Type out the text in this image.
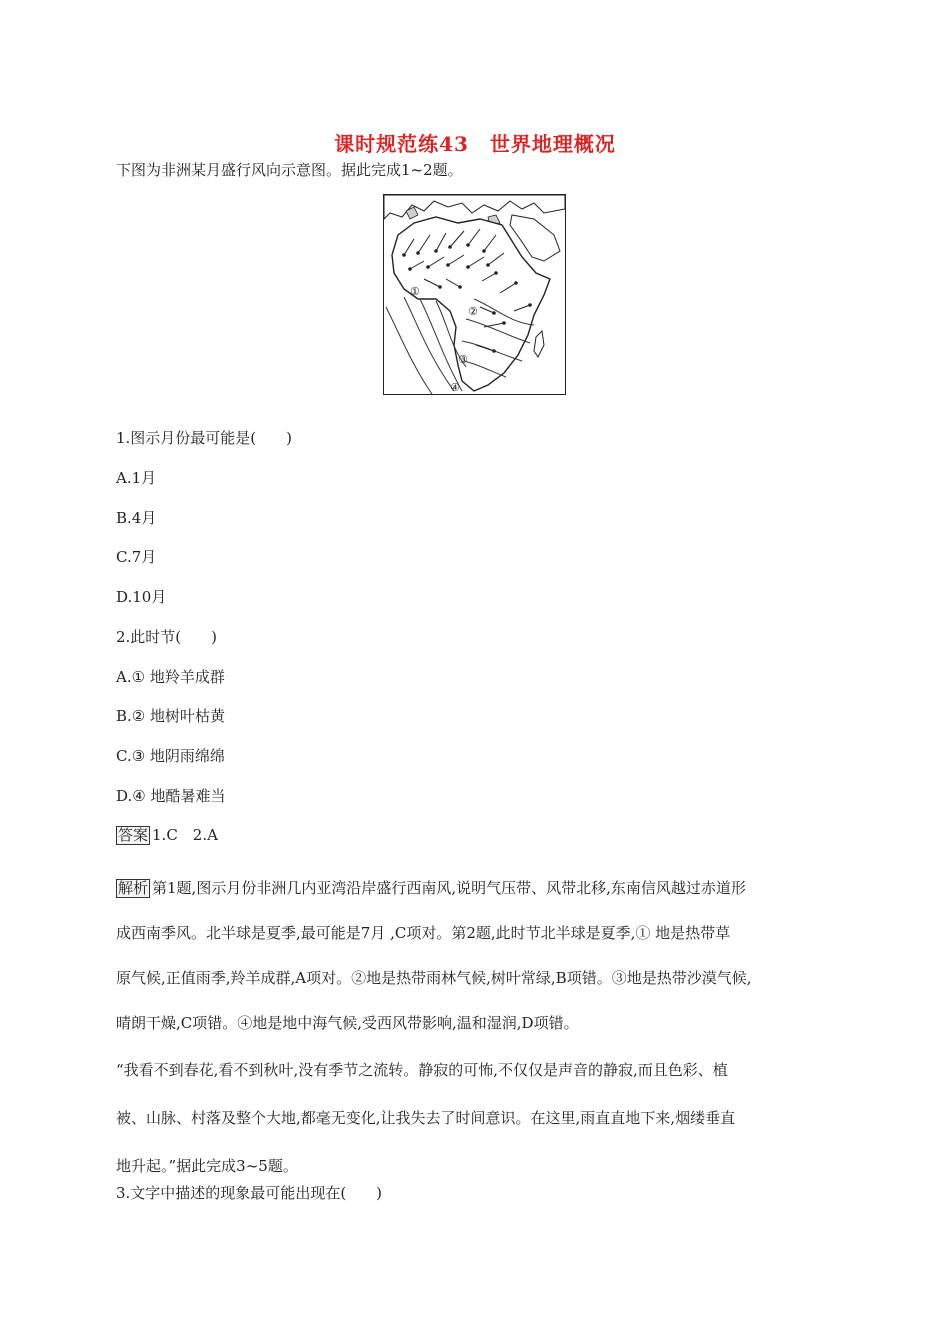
课时规范练43　世界地理概况
下图为非洲某月盛行风向示意图。据此完成1~2题。
①
②
③
④
1.图示月份最可能是(　　)
A.1月
B.4月
C.7月
D.10月
2.此时节(　　)
A.① 地羚羊成群
B.② 地树叶枯黄
C.③ 地阴雨绵绵
D.④ 地酷暑难当
答案 1.C　2.A
解析 第1题,图示月份非洲几内亚湾沿岸盛行西南风,说明气压带、风带北移,东南信风越过赤道形
成西南季风。北半球是夏季,最可能是7月 ,C项对。第2题,此时节北半球是夏季,① 地是热带草
原气候,正值雨季,羚羊成群,A项对。②地是热带雨林气候,树叶常绿,B项错。③地是热带沙漠气候,
晴朗干燥,C项错。④地是地中海气候,受西风带影响,温和湿润,D项错。
“我看不到春花,看不到秋叶,没有季节之流转。静寂的可怖,不仅仅是声音的静寂,而且色彩、植
被、山脉、村落及整个大地,都毫无变化,让我失去了时间意识。在这里,雨直直地下来,烟缕垂直
地升起。”据此完成3~5题。
3.文字中描述的现象最可能出现在(　　)
